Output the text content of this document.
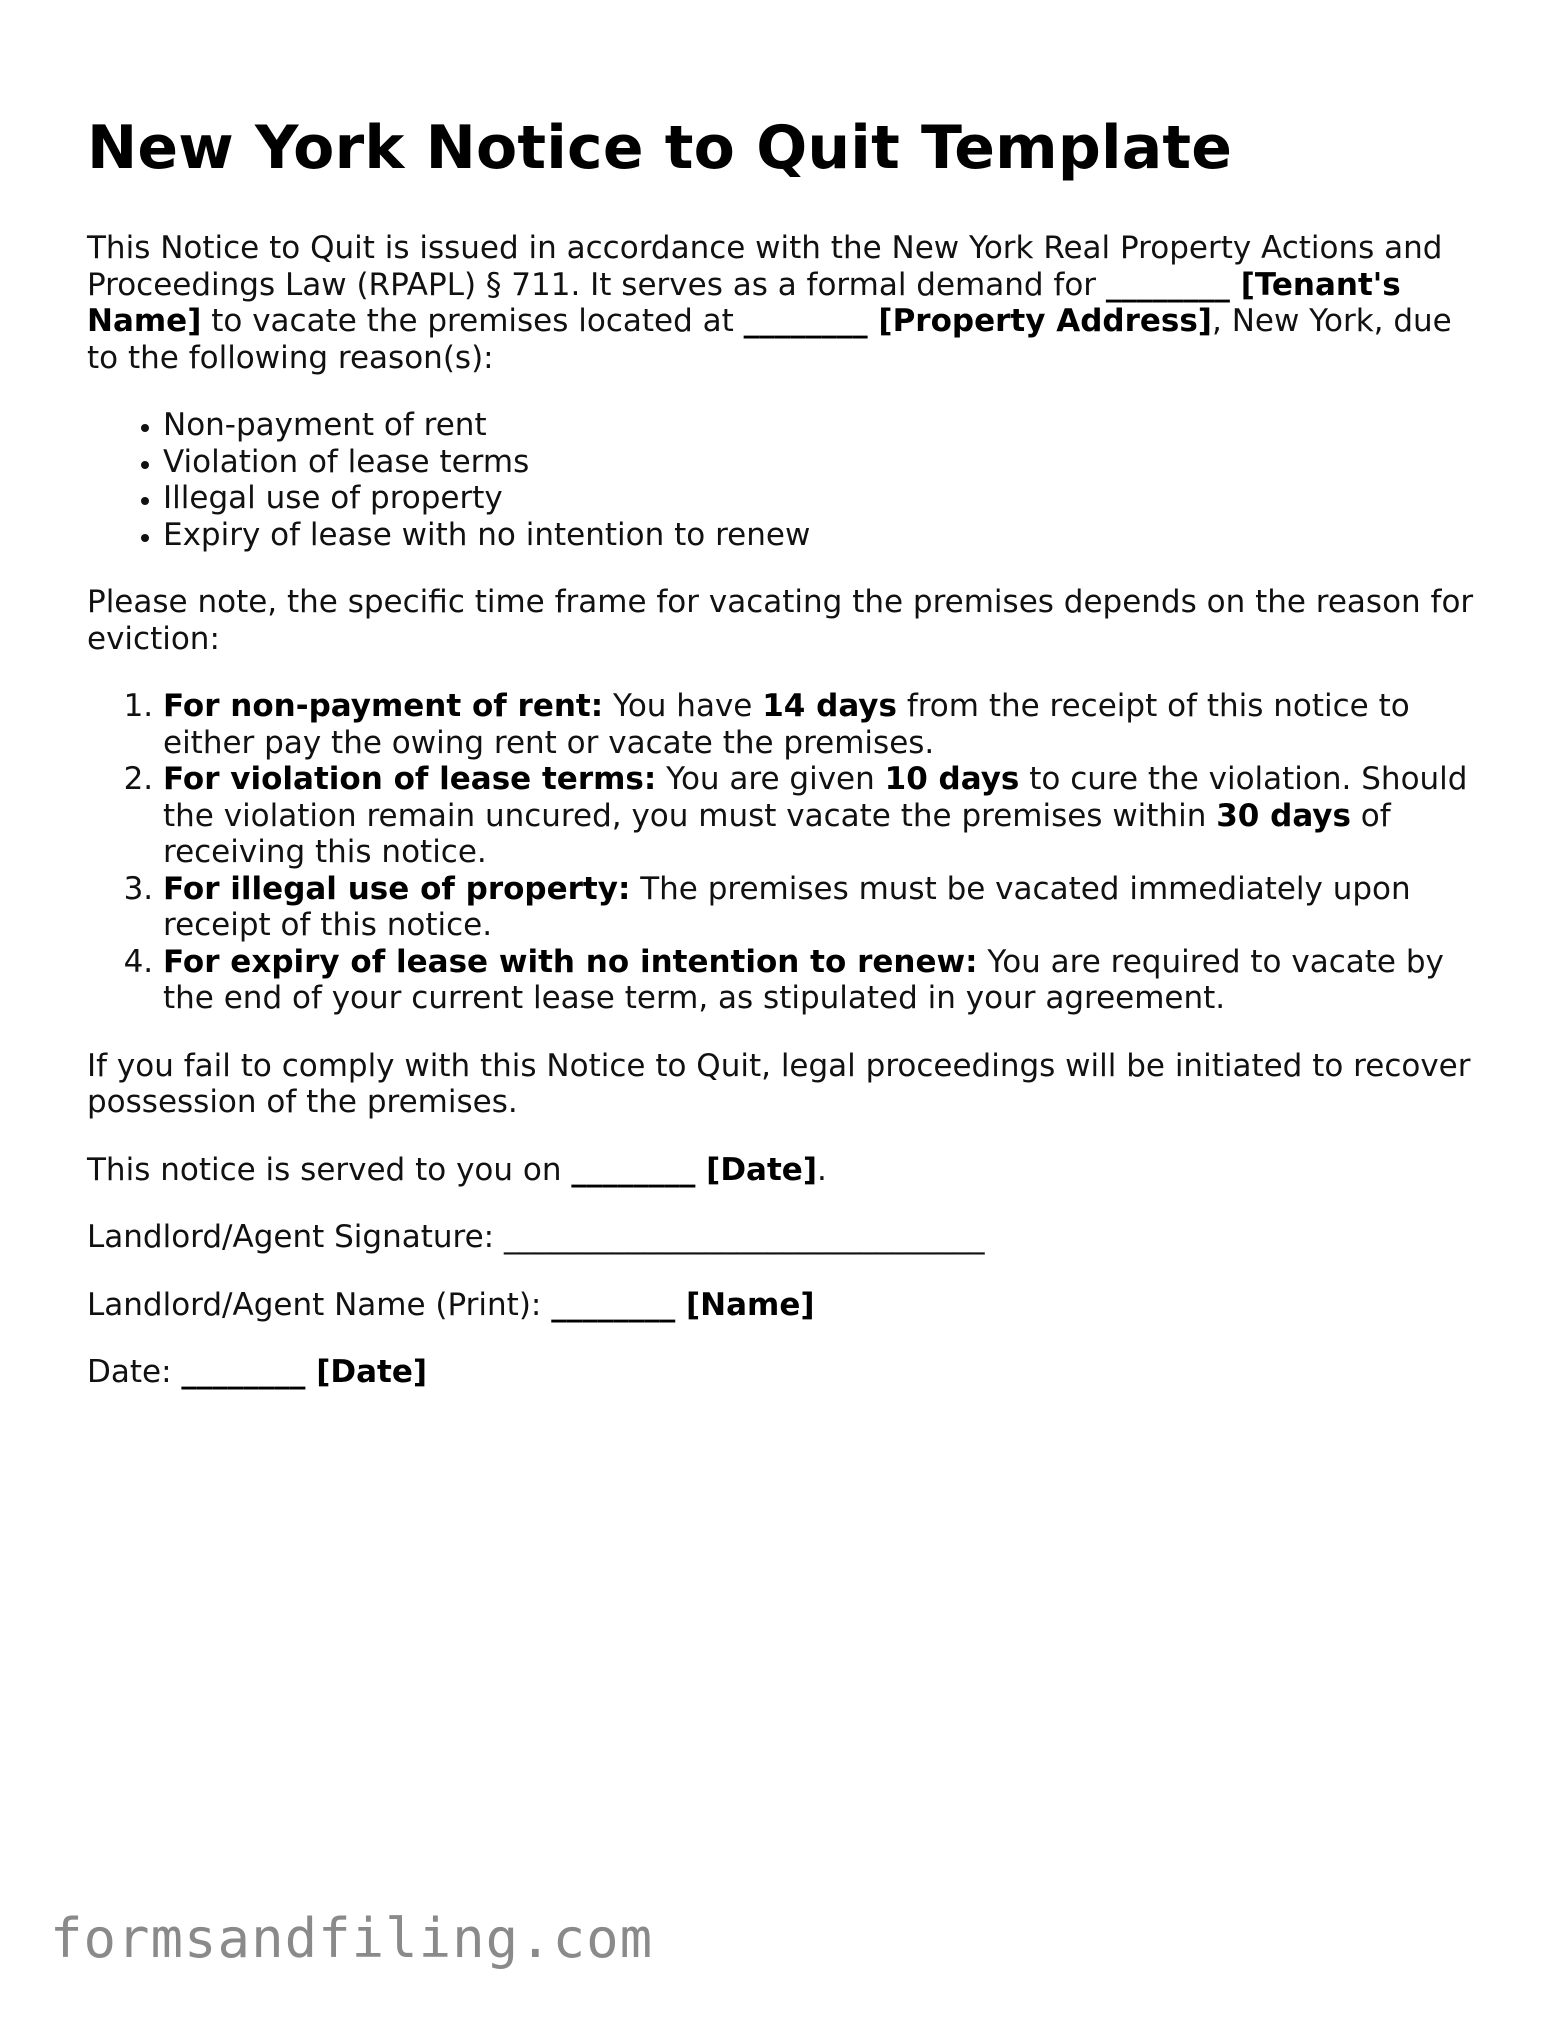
New York Notice to Quit Template

This Notice to Quit is issued in accordance with the New York Real Property Actions and Proceedings Law (RPAPL) § 711. It serves as a formal demand for ________ [Tenant's Name] to vacate the premises located at ________ [Property Address], New York, due to the following reason(s):

• Non-payment of rent
• Violation of lease terms
• Illegal use of property
• Expiry of lease with no intention to renew

Please note, the specific time frame for vacating the premises depends on the reason for eviction:

1. For non-payment of rent: You have 14 days from the receipt of this notice to either pay the owing rent or vacate the premises.
2. For violation of lease terms: You are given 10 days to cure the violation. Should the violation remain uncured, you must vacate the premises within 30 days of receiving this notice.
3. For illegal use of property: The premises must be vacated immediately upon receipt of this notice.
4. For expiry of lease with no intention to renew: You are required to vacate by the end of your current lease term, as stipulated in your agreement.

If you fail to comply with this Notice to Quit, legal proceedings will be initiated to recover possession of the premises.

This notice is served to you on ________ [Date].

Landlord/Agent Signature: _______________________________

Landlord/Agent Name (Print): ________ [Name]

Date: ________ [Date]

formsandfiling.com
